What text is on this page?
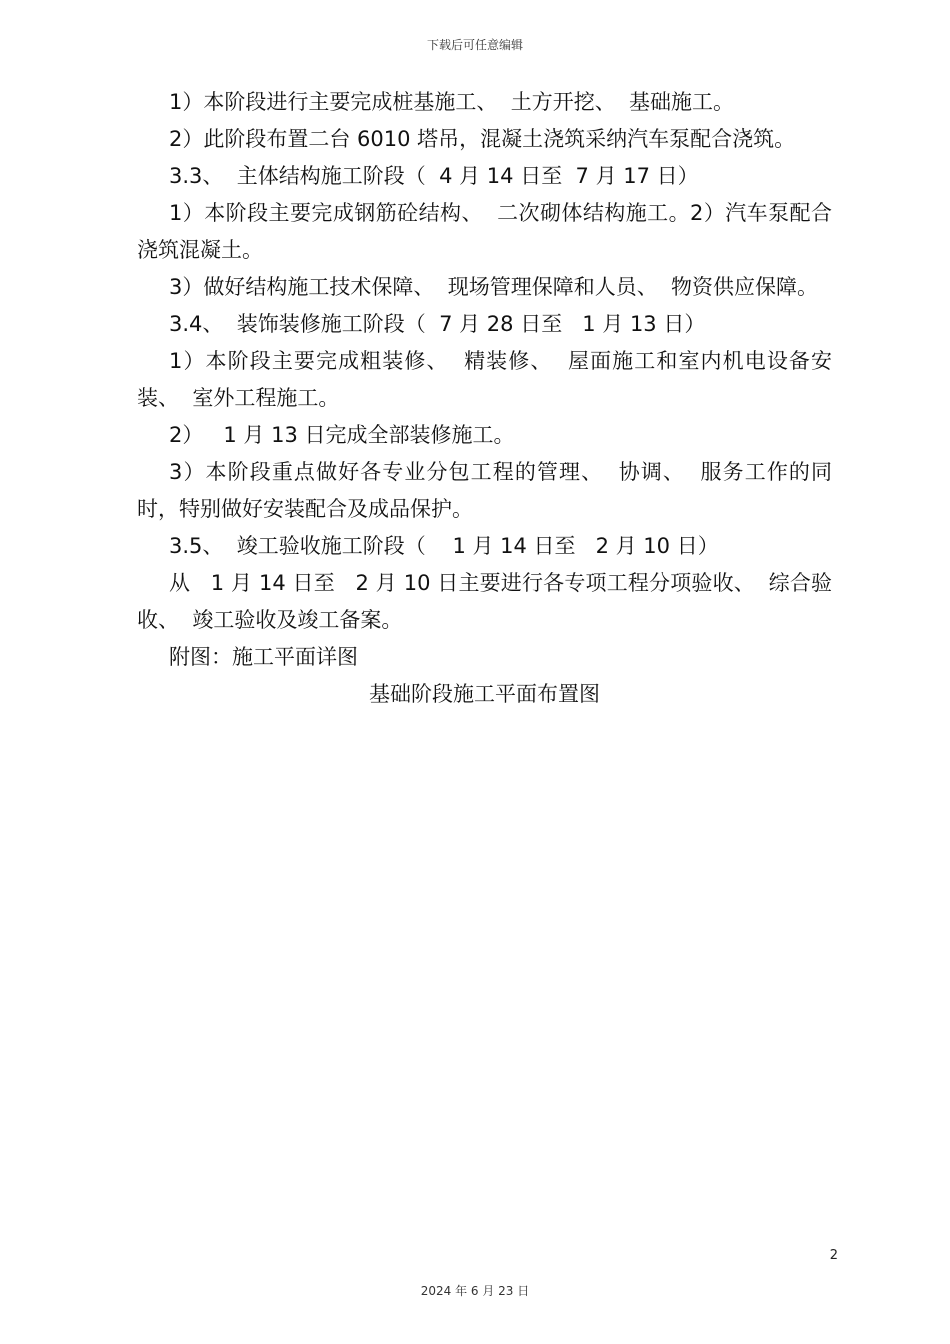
下载后可任意编辑

1）本阶段进行主要完成桩基施工、  土方开挖、  基础施工。

2）此阶段布置二台 6010 塔吊，混凝土浇筑采纳汽车泵配合浇筑。

3.3、  主体结构施工阶段（  4 月 14 日至  7 月 17 日）

1）本阶段主要完成钢筋砼结构、  二次砌体结构施工。2）汽车泵配合浇筑混凝土。

3）做好结构施工技术保障、  现场管理保障和人员、  物资供应保障。

3.4、  装饰装修施工阶段（  7 月 28 日至   1 月 13 日）

1）本阶段主要完成粗装修、  精装修、  屋面施工和室内机电设备安装、  室外工程施工。

2）   1 月 13 日完成全部装修施工。

3）本阶段重点做好各专业分包工程的管理、  协调、  服务工作的同时，特别做好安装配合及成品保护。

3.5、  竣工验收施工阶段（    1 月 14 日至   2 月 10 日）

从   1 月 14 日至   2 月 10 日主要进行各专项工程分项验收、  综合验收、  竣工验收及竣工备案。

附图：施工平面详图

基础阶段施工平面布置图

2
2024 年 6 月 23 日
